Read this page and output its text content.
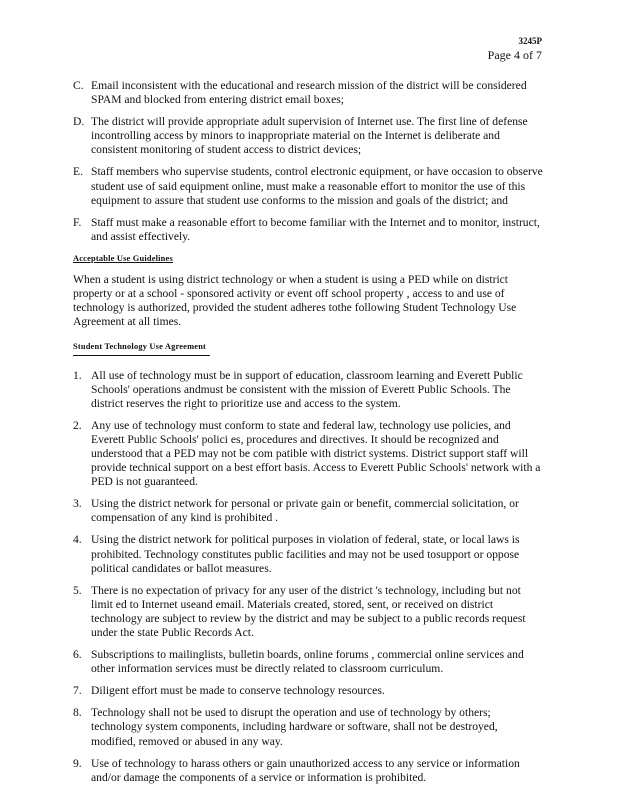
3245P
Page 4 of 7
C. Email inconsistent with the educational and research mission of the district will be considered SPAM and blocked from entering district email boxes;
D. The district will provide appropriate adult supervision of Internet use. The first line of defense incontrolling access by minors to inappropriate material on the Internet is deliberate and consistent monitoring of student access to district devices;
E. Staff members who supervise students, control electronic equipment, or have occasion to observe student use of said equipment online, must make a reasonable effort to monitor the use of this equipment to assure that student use conforms to the mission and goals of the district; and
F. Staff must make a reasonable effort to become familiar with the Internet and to monitor, instruct, and assist effectively.
Acceptable Use Guidelines
When a student is using district technology or when a student is using a PED while on district property or at a school - sponsored activity or event off school property , access to and use of technology is authorized, provided the student adheres tothe following Student Technology Use Agreement at all times.
Student Technology Use Agreement
1. All use of technology must be in support of education, classroom learning and Everett Public Schools' operations andmust be consistent with the mission of Everett Public Schools. The district reserves the right to prioritize use and access to the system.
2. Any use of technology must conform to state and federal law, technology use policies, and Everett Public Schools' polici es, procedures and directives. It should be recognized and understood that a PED may not be com patible with district systems. District support staff will provide technical support on a best effort basis. Access to Everett Public Schools' network with a PED is not guaranteed.
3. Using the district network for personal or private gain or benefit, commercial solicitation, or compensation of any kind is prohibited .
4. Using the district network for political purposes in violation of federal, state, or local laws is prohibited. Technology constitutes public facilities and may not be used tosupport or oppose political candidates or ballot measures.
5. There is no expectation of privacy for any user of the district 's technology, including but not limit ed to Internet useand email. Materials created, stored, sent, or received on district technology are subject to review by the district and may be subject to a public records request under the state Public Records Act.
6. Subscriptions to mailinglists, bulletin boards, online forums , commercial online services and other information services must be directly related to classroom curriculum.
7. Diligent effort must be made to conserve technology resources.
8. Technology shall not be used to disrupt the operation and use of technology by others; technology system components, including hardware or software, shall not be destroyed, modified, removed or abused in any way.
9. Use of technology to harass others or gain unauthorized access to any service or information and/or damage the components of a service or information is prohibited.
